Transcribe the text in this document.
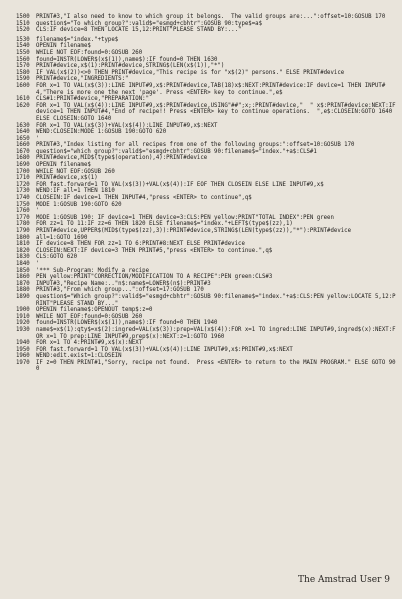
1500	PRINT#3,"I also need to know to which group it belongs.  The valid groups are:...":offset=10:GOSUB 170
1510	question$="To which group?":valid$="esmgd+cbhtr":GOSUB 90:type$=a$
1520	CLS:IF device=8 THEN LOCATE 15,12:PRINT"PLEASE STAND BY:..."
1530	filename$="index."+type$
1540	OPENIN filename$
1550	WHILE NOT EOF:found=0:GOSUB 260
1560	found=INSTR(LOWER$(x$(1)),name$):IF found=0 THEN 1630
1570	PRINT#device,x$(1):PRINT#device,STRING$(LEN(x$(1)),"*")
1580	IF VAL(x$(2))<>0 THEN PRINT#device,"This recipe is for "x$(2)" persons." ELSE PRINT#device
1590	PRINT#device,"INGREDIENTS:"
1600	FOR x=1 TO VAL(x$(3)):LINE INPUT#9,x$:PRINT#device,TAB(18)x$:NEXT:PRINT#device:IF device=1 THEN INPUT#4,"There is more one the next 'page'. Press <ENTER> key to continue.",e$
1610	CLS#1:PRINT#device,"PREPARATION:"
1620	FOR x=1 TO VAL(x$(4)):LINE INPUT#9,x$:PRINT#device,USING"##";x;:PRINT#device,"  " x$:PRINT#device:NEXT:IF device=1 THEN INPUT#4,"End of recipe!! Press <ENTER> key to continue operations.  ",e$:CLOSEIN:GOTO 1640 ELSE CLOSEIN:GOTO 1640
1630	FOR x=1 TO VAL(x$(3))+VAL(x$(4)):LINE INPUT#9,x$:NEXT
1640	WEND:CLOSEIN:MODE 1:GOSUB 190:GOTO 620
1650	'
1660	PRINT#3,"Index listing for all recipes from one of the following groups:":offset=10:GOSUB 170
1670	question$="which group?":valid$="esmgd+cbhtr":GOSUB 90:filename$="index."+a$:CLS#1
1680	PRINT#device,MID$(type$(operation),4):PRINT#device
1690	OPENIN filename$
1700	WHILE NOT EOF:GOSUB 260
1710	PRINT#device,x$(1)
1720	FOR fast.forward=1 TO VAL(x$(3))+VAL(x$(4)):IF EOF THEN CLOSEIN ELSE LINE INPUT#9,x$
1730	WEND:IF all=1 THEN 1810
1740	CLOSEIN:IF device=1 THEN INPUT#4,"press <ENTER> to continue",q$
1750	MODE 1:GOSUB 190:GOTO 620
1760	'
1770	MODE 1:GOSUB 190: IF device=1 THEN device=3:CLS:PEN yellow:PRINT"TOTAL INDEX":PEN green
1780	FOR zz=1 TO 11:IF zz=6 THEN 1820 ELSE filename$="index."+LEFT$(type$(zz),1)
1790	PRINT#device,UPPER$(MID$(type$(zz),3)):PRINT#device,STRING$(LEN(type$(zz)),"*"):PRINT#device
1800	all=1:GOTO 1690
1810	IF device=8 THEN FOR zz=1 TO 6:PRINT#8:NEXT ELSE PRINT#device
1820	CLOSEIN:NEXT:IF device=3 THEN PRINT#5,"press <ENTER> to continue.",q$
1830	CLS:GOTO 620
1840	'
1850	'*** Sub-Program: Modify a recipe
1860	PEN yellow:PRINT"CORRECTION/MODIFICATION TO A RECIPE":PEN green:CLS#3
1870	INPUT#3,"Recipe Name:.."n$:name$=LOWER$(n$):PRINT#3
1880	PRINT#3,"From which group...":offset=17:GOSUB 170
1890	question$="Which group?":valid$="esmgd+cbhtr":GOSUB 90:filename$="index."+a$:CLS:PEN yellow:LOCATE 5,12:PRINT"PLEASE STAND BY..."
1900	OPENIN filename$:OPENOUT temp$:z=0
1910	WHILE NOT EOF:found=0:GOSUB 260
1920	found=INSTR(LOWER$(x$(1)),name$):IF found=0 THEN 1940
1930	name$=x$(1):qty$=x$(2):ingred=VAL(x$(3)):prep=VAL(x$(4)):FOR x=1 TO ingred:LINE INPUT#9,ingred$(x):NEXT:FOR x=1 TO prep:LINE INPUT#9,prep$(x):NEXT:z=1:GOTO 1960
1940	FOR x=1 TO 4:PRINT#9,x$(x):NEXT
1950	FOR fast.forward=1 TO VAL(x$(3))+VAL(x$(4)):LINE INPUT#9,x$:PRINT#9,x$:NEXT
1960	WEND:edit.exist=1:CLOSEIN
1970	IF z=0 THEN PRINT#1,"Sorry, recipe not found.  Press <ENTER> to return to the MAIN PROGRAM." ELSE GOTO 900
The Amstrad User 9
